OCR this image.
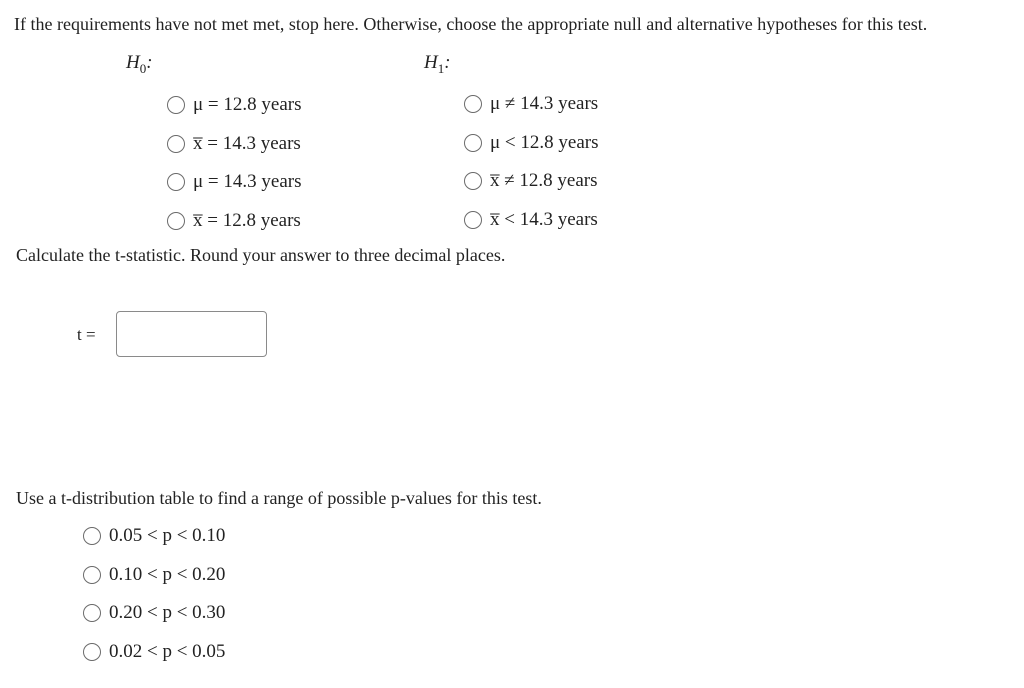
If the requirements have not met met, stop here. Otherwise, choose the appropriate null and alternative hypotheses for this test.
$H_0$:	$H_1$:
μ = 12.8 years
x̅ = 14.3 years
μ = 14.3 years
x̅ = 12.8 years
μ ≠ 14.3 years
μ < 12.8 years
x̅ ≠ 12.8 years
x̅ < 14.3 years
Calculate the t-statistic. Round your answer to three decimal places.
t =
Use a t-distribution table to find a range of possible p-values for this test.
0.05 < p < 0.10
0.10 < p < 0.20
0.20 < p < 0.30
0.02 < p < 0.05
